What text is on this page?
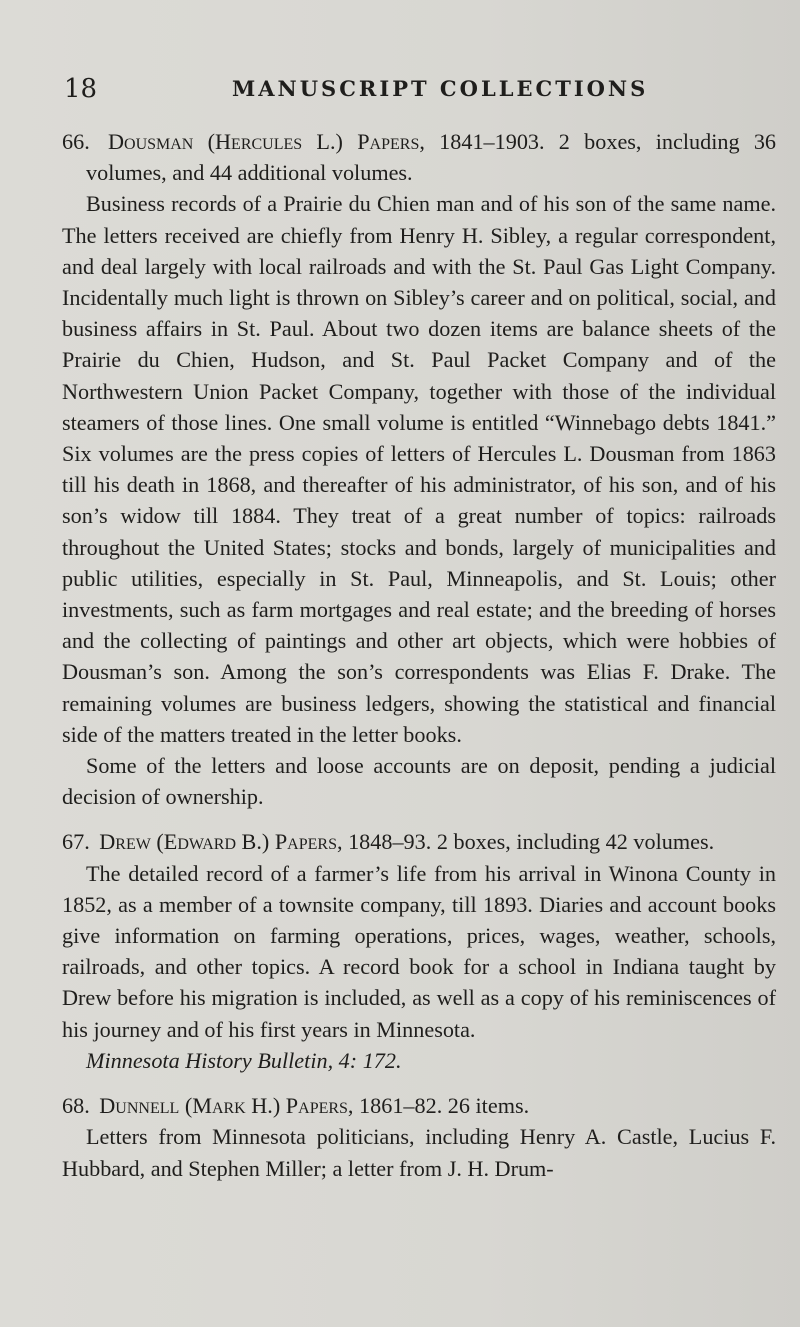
18	MANUSCRIPT COLLECTIONS

66. Dousman (Hercules L.) Papers, 1841–1903. 2 boxes, including 36 volumes, and 44 additional volumes.

Business records of a Prairie du Chien man and of his son of the same name. The letters received are chiefly from Henry H. Sibley, a regular correspondent, and deal largely with local railroads and with the St. Paul Gas Light Company. Incidentally much light is thrown on Sibley’s career and on political, social, and business affairs in St. Paul. About two dozen items are balance sheets of the Prairie du Chien, Hudson, and St. Paul Packet Company and of the Northwestern Union Packet Company, together with those of the individual steamers of those lines. One small volume is entitled “Winnebago debts 1841.” Six volumes are the press copies of letters of Hercules L. Dousman from 1863 till his death in 1868, and thereafter of his administrator, of his son, and of his son’s widow till 1884. They treat of a great number of topics: railroads throughout the United States; stocks and bonds, largely of municipalities and public utilities, especially in St. Paul, Minneapolis, and St. Louis; other investments, such as farm mortgages and real estate; and the breeding of horses and the collecting of paintings and other art objects, which were hobbies of Dousman’s son. Among the son’s correspondents was Elias F. Drake. The remaining volumes are business ledgers, showing the statistical and financial side of the matters treated in the letter books.

Some of the letters and loose accounts are on deposit, pending a judicial decision of ownership.

67. Drew (Edward B.) Papers, 1848–93. 2 boxes, including 42 volumes.

The detailed record of a farmer’s life from his arrival in Winona County in 1852, as a member of a townsite company, till 1893. Diaries and account books give information on farming operations, prices, wages, weather, schools, railroads, and other topics. A record book for a school in Indiana taught by Drew before his migration is included, as well as a copy of his reminiscences of his journey and of his first years in Minnesota.

Minnesota History Bulletin, 4: 172.

68. Dunnell (Mark H.) Papers, 1861–82. 26 items.

Letters from Minnesota politicians, including Henry A. Castle, Lucius F. Hubbard, and Stephen Miller; a letter from J. H. Drum-
